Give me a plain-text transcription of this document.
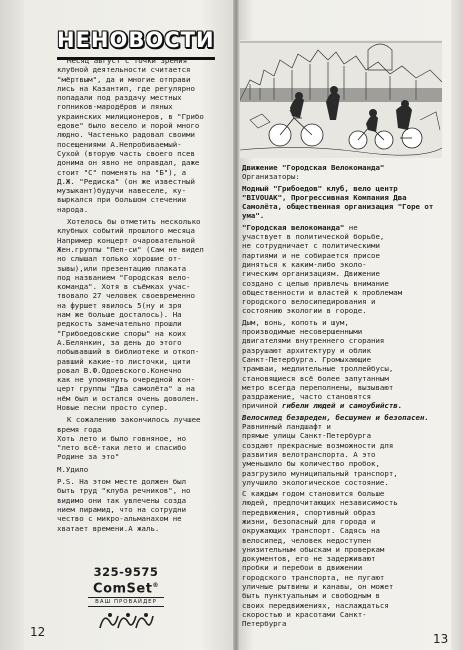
НЕНОВОСТИ

Месяц август с точки зрения
клубной деятельности считается
"мёртвым", да и многие отправи
лись на Казантип, где регулярно
попадали под раздачу местных
гопников-мародёров и ляных
украинских милиционеров, в "Грибо
едове" было весело и порой много
людно. Частенько радовал своими
посещениями А.Непробиваемый-
Сухой (вторую часть своего псев
донима он явно не оправдал, даже
стоит "С" поменять на "Б"), а
Д.Ж. "Редиска" (он же известный
музыкант)будучи навеселе, ку-
выркался при большом стечении
народа.

Хотелось бы отметить несколько
клубных событий прошлого месяца
Например концерт очаровательной
Жен.группы "Пеп-си" (Сам не видел
но слышал только хорошие от-
зывы),или презентацию плаката
под названием "Городская вело-
команда". Хотя в съёмках учас-
твовало 27 человек своевременно
на фуршет явилось 5(ну и зря
нам же больше досталось). На
редкость замечательно прошли
"Грибоедовские споры" на коих
А.Белянкин, за день до этого
побывавший в библиотеке и откоп-
равший какие-то листочки, цити
ровал В.Ф.Одоевского.Конечно
как не упомянуть очередной кон-
церт группы "Два самолёта" а на
нём был и остался очень доволен.
Новые песни просто супер.

К сожалению закончилось лучшее
время года
Хоть лето и было говняное, но
"лето всё-таки лето и спасибо
Родине за это"

М.Удило

P.S. На этом месте должен был
быть труд "клуба речников", но
видимо они так увлечены создa
нием пирамид, что на сотрудни
чество с микро-альманахом не
хватает времени.А жаль.

325-9575
ComSet®
ВАШ ПРОВАЙДЕР
12	13

Движение "Городская Велокоманда" Организаторы:

Модный "Грибоедов" клуб, вело центр "BIVOUAK", Прогрессивная Компания Два Самолёта, общественная организация "Горе от ума".

"Городская велокоманда" не
участвует в политической борьбе,
не сотрудничает с политическими
партиями и не собирается присое
диняться к каким-либо эколо-
гическим организациям. Движение
создано с целью привлечь внимание
общественности и властей к проблемам
городского велосипедирования и
состоянию экологии в городе.

Дым, вонь, копоть и шум,
производимые несовершенными
двигателями внутреннего сгорания
разрушают архитектуру и облик
Санкт-Петербурга. Громыхающие
трамваи, медлительные троллейбусы,
становящиеся всё более запутанным
метро всегда переполнены, вызывают
раздражение, часто становятся
причиной гибели людей и самоубийств.

Велосипед безвреден, бесшумен и безопасен. Равнинный ландшафт и
прямые улицы Санкт-Петербурга
создают прекрасные возможности для
развития велотранспорта. А это
уменьшило бы количество пробок,
разгрузило муниципальный транспорт,
улучшило экологическое состояние.

С каждым годом становится больше
людей, предпочитающих независимость
передвижения, спортивный образ
жизни, безопасный для города и
окружающих транспорт. Садясь на
велосипед, человек недоступен
унизительным обыскам и проверкам
документов, его не задерживают
пробки и перебои в движении
городского транспорта, не пугают
уличные рытвины и канавы, он может
быть пунктуальным и свободным в
своих передвижениях, наслаждаться
скоростью и красотами Санкт-
Петербурга
